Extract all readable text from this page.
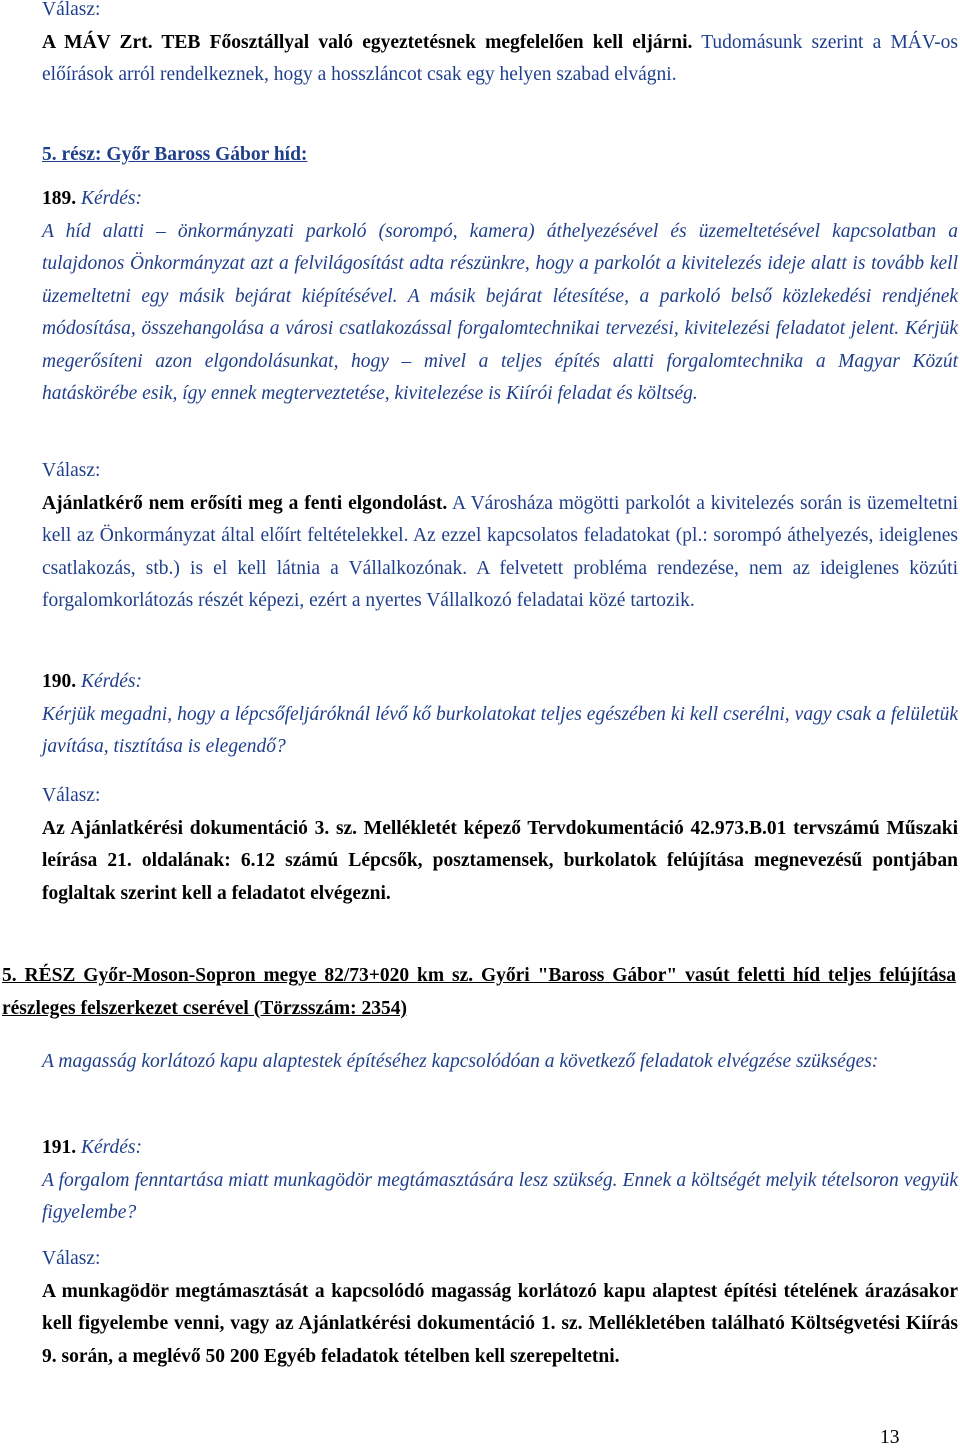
Válasz:
A MÁV Zrt. TEB Főosztállyal való egyeztetésnek megfelelően kell eljárni. Tudomásunk szerint a MÁV-os előírások arról rendelkeznek, hogy a hosszláncot csak egy helyen szabad elvágni.
5. rész: Győr Baross Gábor híd:
189. Kérdés:
A híd alatti – önkormányzati parkoló (sorompó, kamera) áthelyezésével és üzemeltetésével kapcsolatban a tulajdonos Önkormányzat azt a felvilágosítást adta részünkre, hogy a parkolót a kivitelezés ideje alatt is tovább kell üzemeltetni egy másik bejárat kiépítésével. A másik bejárat létesítése, a parkoló belső közlekedési rendjének módosítása, összehangolása a városi csatlakozással forgalomtechnikai tervezési, kivitelezési feladatot jelent. Kérjük megerősíteni azon elgondolásunkat, hogy – mivel a teljes építés alatti forgalomtechnika a Magyar Közút hatáskörébe esik, így ennek megterveztetése, kivitelezése is Kiírói feladat és költség.
Válasz:
Ajánlatkérő nem erősíti meg a fenti elgondolást. A Városháza mögötti parkolót a kivitelezés során is üzemeltetni kell az Önkormányzat által előírt feltételekkel. Az ezzel kapcsolatos feladatokat (pl.: sorompó áthelyezés, ideiglenes csatlakozás, stb.) is el kell látnia a Vállalkozónak. A felvetett probléma rendezése, nem az ideiglenes közúti forgalomkorlátozás részét képezi, ezért a nyertes Vállalkozó feladatai közé tartozik.
190. Kérdés:
Kérjük megadni, hogy a lépcsőfeljáróknál lévő kő burkolatokat teljes egészében ki kell cserélni, vagy csak a felületük javítása, tisztítása is elegendő?
Válasz:
Az Ajánlatkérési dokumentáció 3. sz. Mellékletét képező Tervdokumentáció 42.973.B.01 tervszámú Műszaki leírása 21. oldalának: 6.12 számú Lépcsők, posztamensek, burkolatok felújítása megnevezésű pontjában foglaltak szerint kell a feladatot elvégezni.
5. RÉSZ Győr-Moson-Sopron megye 82/73+020 km sz. Győri "Baross Gábor" vasút feletti híd teljes felújítása részleges felszerkezet cserével (Törzsszám: 2354)
A magasság korlátozó kapu alaptestek építéséhez kapcsolódóan a következő feladatok elvégzése szükséges:
191. Kérdés:
A forgalom fenntartása miatt munkagödör megtámasztására lesz szükség. Ennek a költségét melyik tételsoron vegyük figyelembe?
Válasz:
A munkagödör megtámasztását a kapcsolódó magasság korlátozó kapu alaptest építési tételének árazásakor kell figyelembe venni, vagy az Ajánlatkérési dokumentáció 1. sz. Mellékletében található Költségvetési Kiírás 9. során, a meglévő 50 200 Egyéb feladatok tételben kell szerepeltetni.
13
